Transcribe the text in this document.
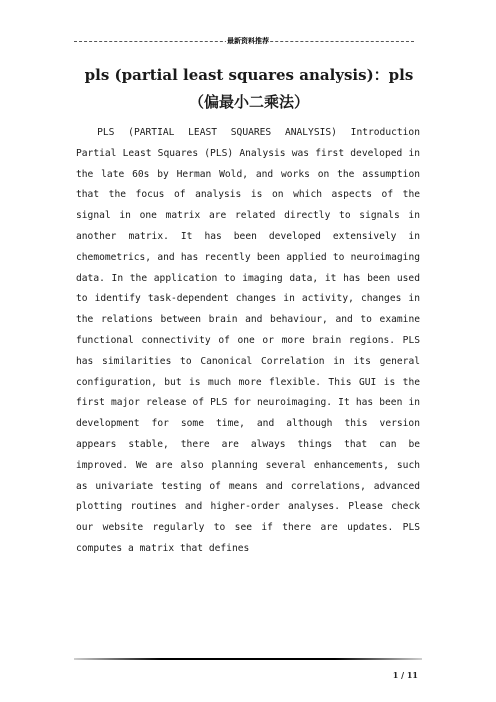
最新资料推荐
pls (partial least squares analysis)：pls（偏最小二乘法）

PLS (PARTIAL LEAST SQUARES ANALYSIS) Introduction Partial Least Squares (PLS) Analysis was first developed in the late 60s by Herman Wold, and works on the assumption that the focus of analysis is on which aspects of the signal in one matrix are related directly to signals in another matrix. It has been developed extensively in chemometrics, and has recently been applied to neuroimaging data. In the application to imaging data, it has been used to identify task-dependent changes in activity, changes in the relations between brain and behaviour, and to examine functional connectivity of one or more brain regions. PLS has similarities to Canonical Correlation in its general configuration, but is much more flexible. This GUI is the first major release of PLS for neuroimaging. It has been in development for some time, and although this version appears stable, there are always things that can be improved. We are also planning several enhancements, such as univariate testing of means and correlations, advanced plotting routines and higher-order analyses. Please check our website regularly to see if there are updates. PLS computes a matrix that defines

1 / 11
